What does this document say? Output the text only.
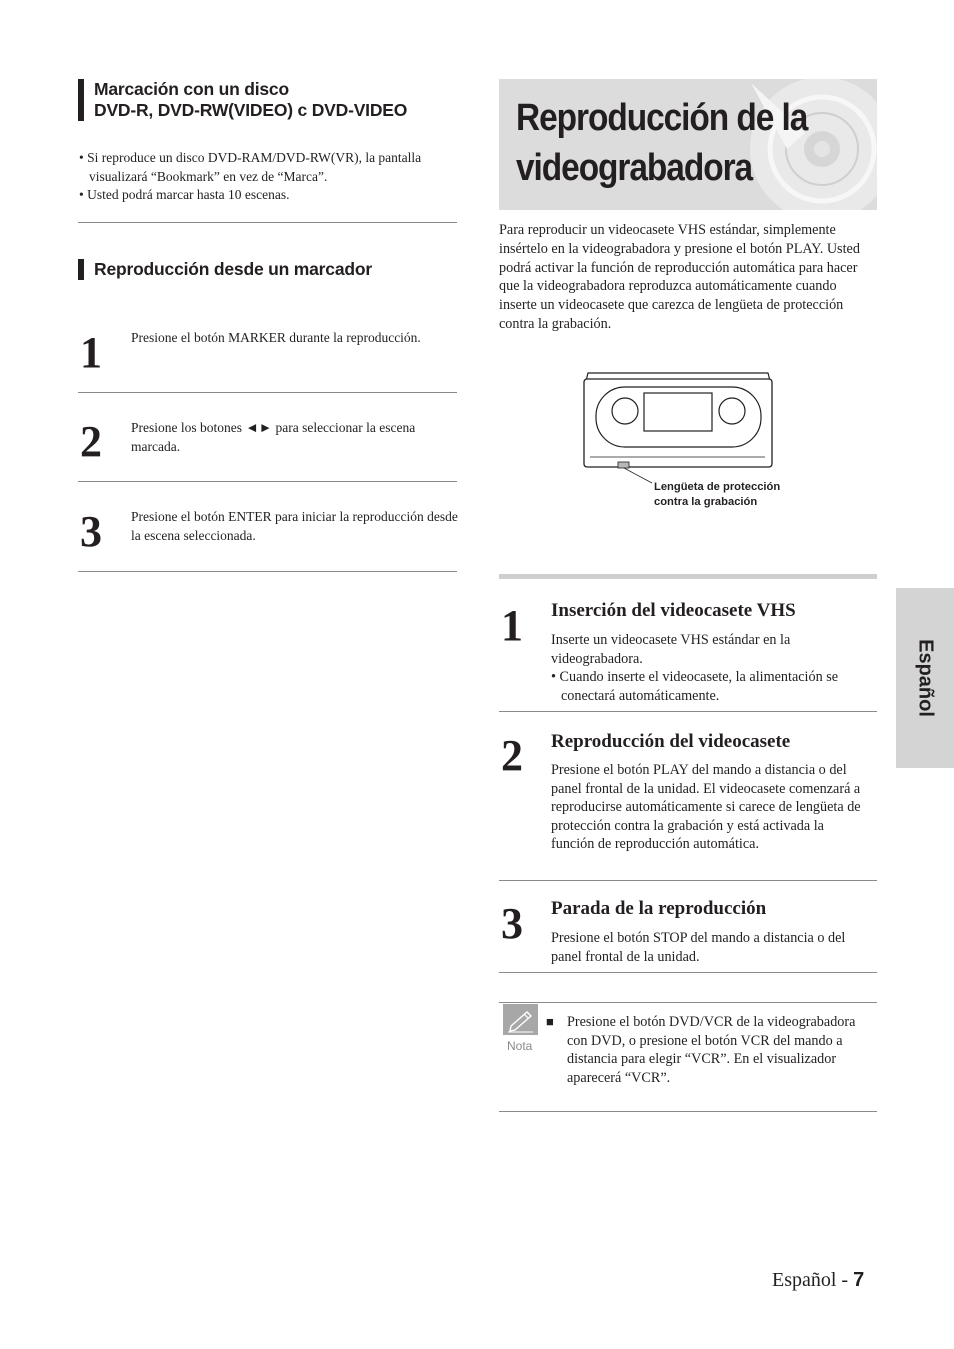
Marcación con un disco
DVD-R, DVD-RW(VIDEO) c DVD-VIDEO

• Si reproduce un disco DVD-RAM/DVD-RW(VR), la pantalla visualizará “Bookmark” en vez de “Marca”.

• Usted podrá marcar hasta 10 escenas.

Reproducción desde un marcador
1 Presione el botón MARKER durante la reproducción.
2 Presione los botones ◄► para seleccionar la escena marcada.
3 Presione el botón ENTER para iniciar la reproducción desde la escena seleccionada.
Reproducción de la
videograbadora
Para reproducir un videocasete VHS estándar, simplemente insértelo en la videograbadora y presione el botón PLAY. Usted podrá activar la función de reproducción automática para hacer que la videograbadora reproduzca automáticamente cuando inserte un videocasete que carezca de lengüeta de protección contra la grabación.
Lengüeta de protección
contra la grabación
1 Inserción del videocasete VHS

Inserte un videocasete VHS estándar en la videograbadora.

• Cuando inserte el videocasete, la alimentación se conectará automáticamente.

2 Reproducción del videocasete
Presione el botón PLAY del mando a distancia o del panel frontal de la unidad. El videocasete comenzará a reproducirse automáticamente si carece de lengüeta de protección contra la grabación y está activada la función de reproducción automática.
3 Parada de la reproducción
Presione el botón STOP del mando a distancia o del panel frontal de la unidad.
Nota
■ Presione el botón DVD/VCR de la videograbadora con DVD, o presione el botón VCR del mando a distancia para elegir “VCR”. En el visualizador aparecerá “VCR”.
Español
Español - 7
